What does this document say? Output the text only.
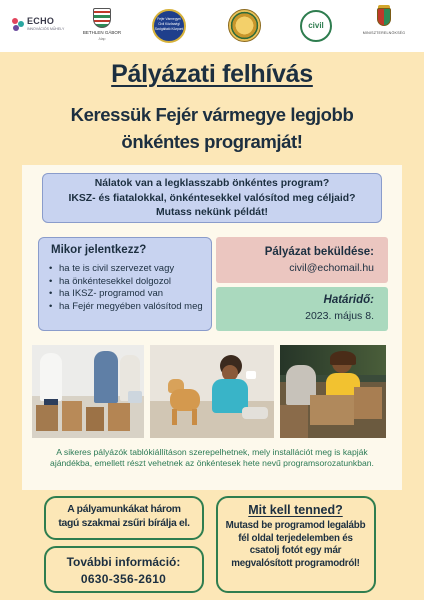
ECHO
INNOVÁCIÓS MŰHELY
BETHLEN GÁBOR
Alap
Fejér Vármegyei Civil Közösségi Szolgáltató Központ	civil
MINISZTERELNÖKSÉG
Pályázati felhívás
Keressük Fejér vármegye legjobb
önkéntes programját!
Nálatok van a legklasszabb önkéntes program?
IKSZ- és fiatalokkal, önkéntesekkel valósítod meg céljaid?
Mutass nekünk példát!
Mikor jelentkezz?
• ha te is civil szervezet vagy
• ha önkéntesekkel dolgozol
• ha IKSZ- programod van
• ha Fejér megyében valósítod meg
Pályázat beküldése:
civil@echomail.hu
Határidő:
2023. május 8.
A sikeres pályázók tablókiállításon szerepelhetnek, mely installációt meg is kapják ajándékba, emellett részt vehetnek az önkéntesek hete nevű programsorozatunkban.
A pályamunkákat három
tagú szakmai zsűri bírálja el.
További információ:
0630-356-2610
Mit kell tenned?

Mutasd be programod legalább fél oldal terjedelemben és csatolj fotót egy már megvalósított programodról!
